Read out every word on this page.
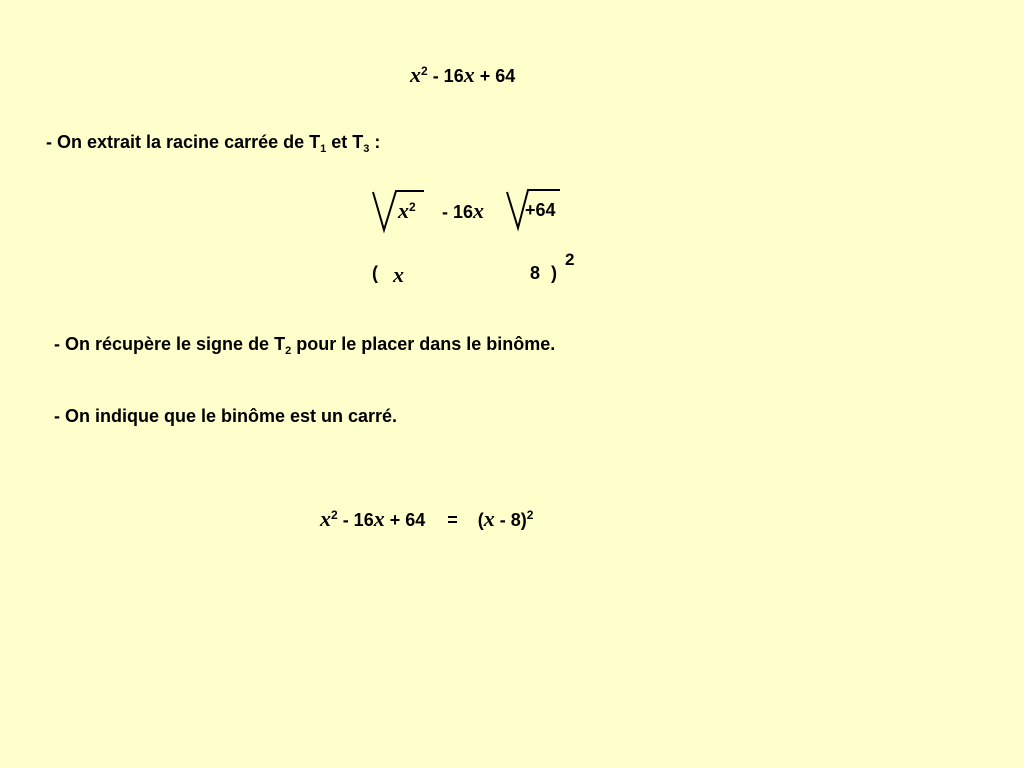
$x^2 - 16x + 64$
- On extrait la racine carrée de $T_1$ et $T_3$ :
$x^2 - 16x +64$
( x	8 )
2
- On récupère le signe de $T_2$ pour le placer dans le binôme.
- On indique que le binôme est un carré.
$x^2 - 16x + 64 = (x - 8)^2$
